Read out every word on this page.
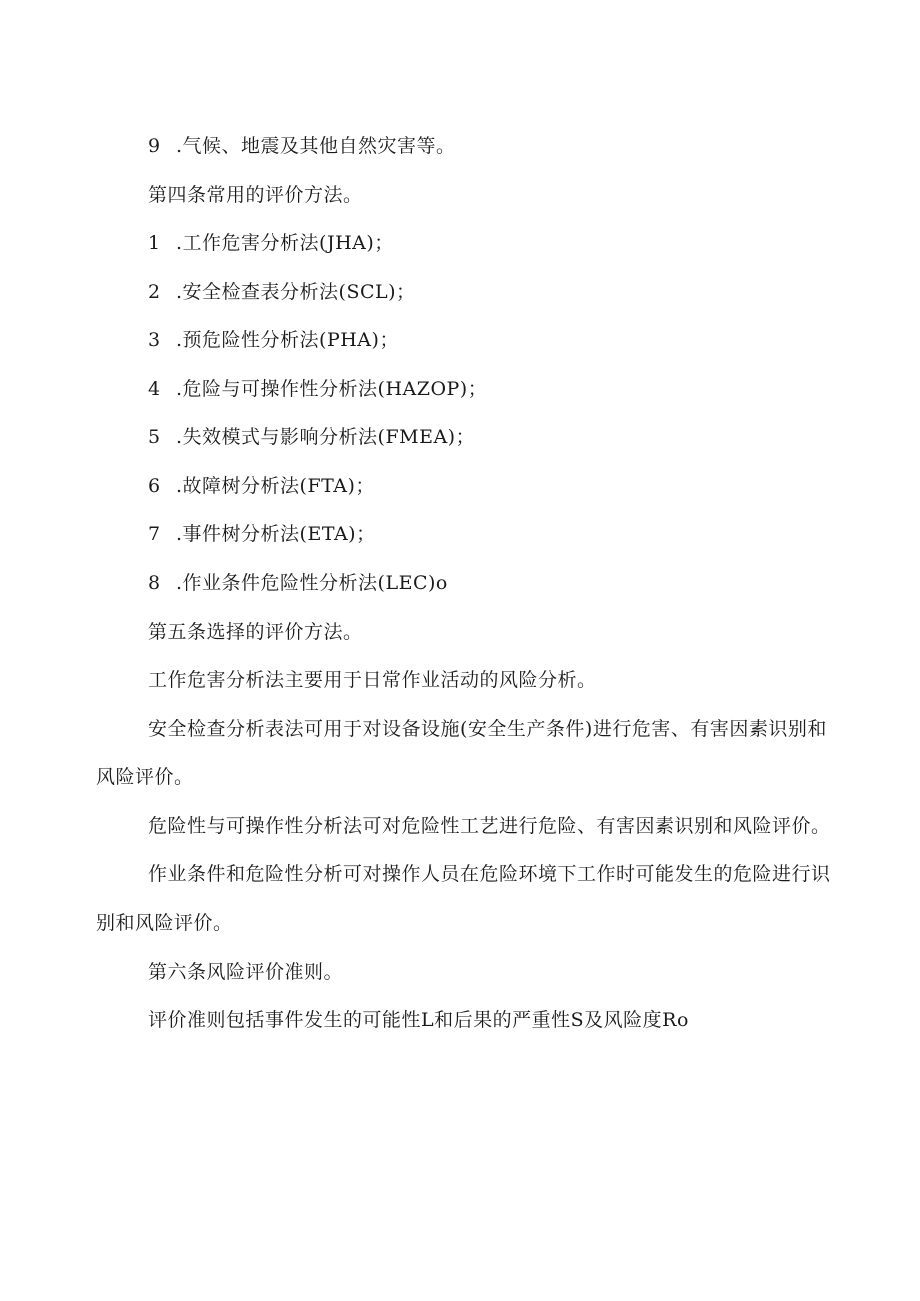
9 .气候、地震及其他自然灾害等。
第四条常用的评价方法。
1 .工作危害分析法(JHA)；
2 .安全检查表分析法(SCL)；
3 .预危险性分析法(PHA)；
4 .危险与可操作性分析法(HAZOP)；
5 .失效模式与影响分析法(FMEA)；
6 .故障树分析法(FTA)；
7 .事件树分析法(ETA)；
8 .作业条件危险性分析法(LEC)o
第五条选择的评价方法。
工作危害分析法主要用于日常作业活动的风险分析。
安全检查分析表法可用于对设备设施(安全生产条件)进行危害、有害因素识别和
风险评价。
危险性与可操作性分析法可对危险性工艺进行危险、有害因素识别和风险评价。
作业条件和危险性分析可对操作人员在危险环境下工作时可能发生的危险进行识
别和风险评价。
第六条风险评价准则。
评价准则包括事件发生的可能性L和后果的严重性S及风险度Ro
